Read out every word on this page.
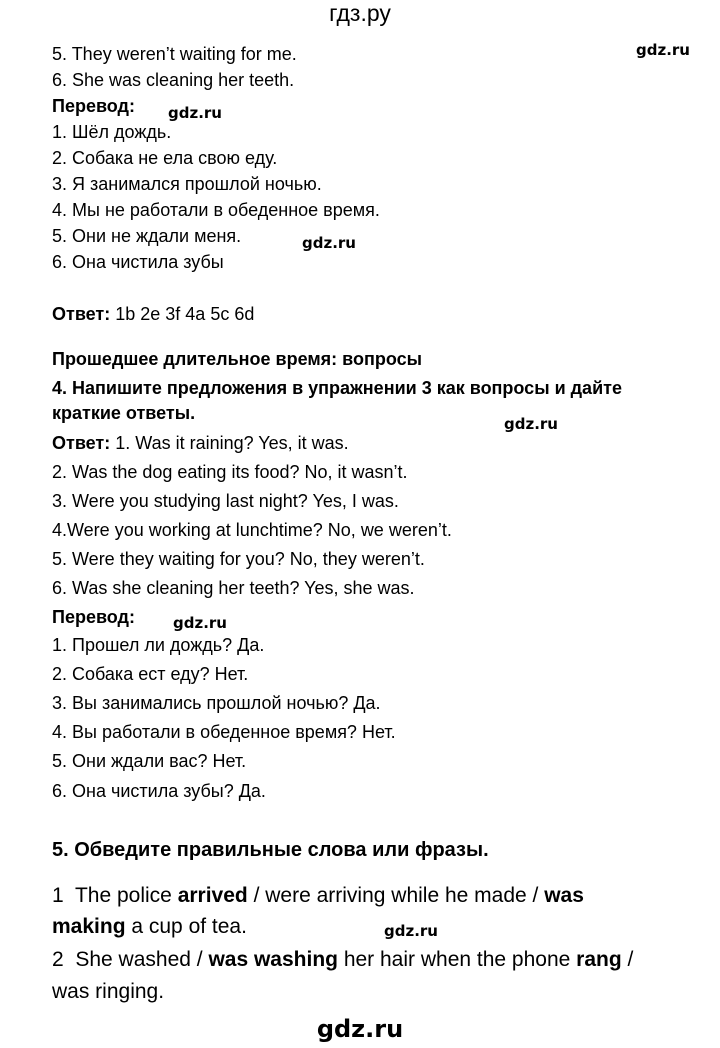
гдз.ру
5. They weren’t waiting for me.
6. She was cleaning her teeth.
gdz.ru
Перевод: gdz.ru
1. Шёл дождь.
2. Собака не ела свою еду.
3. Я занимался прошлой ночью.
4. Мы не работали в обеденное время.
5. Они не ждали меня.	gdz.ru
6. Она чистила зубы
Ответ: 1b 2e 3f 4a 5c 6d
Прошедшее длительное время: вопросы
4. Напишите предложения в упражнении 3 как вопросы и дайте
краткие ответы.
gdz.ru
Ответ: 1. Was it raining? Yes, it was.
2. Was the dog eating its food? No, it wasn’t.
3. Were you studying last night? Yes, I was.
4.Were you working at lunchtime? No, we weren’t.
5. Were they waiting for you? No, they weren’t.
6. Was she cleaning her teeth? Yes, she was.
Перевод:	gdz.ru
1. Прошел ли дождь? Да.
2. Собака ест еду? Нет.
3. Вы занимались прошлой ночью? Да.
4. Вы работали в обеденное время? Нет.
5. Они ждали вас? Нет.
6. Она чистила зубы? Да.
5. Обведите правильные слова или фразы.
1  The police arrived / were arriving while he made / was
making a cup of tea.	gdz.ru
2  She washed / was washing her hair when the phone rang /
was ringing.
gdz.ru
